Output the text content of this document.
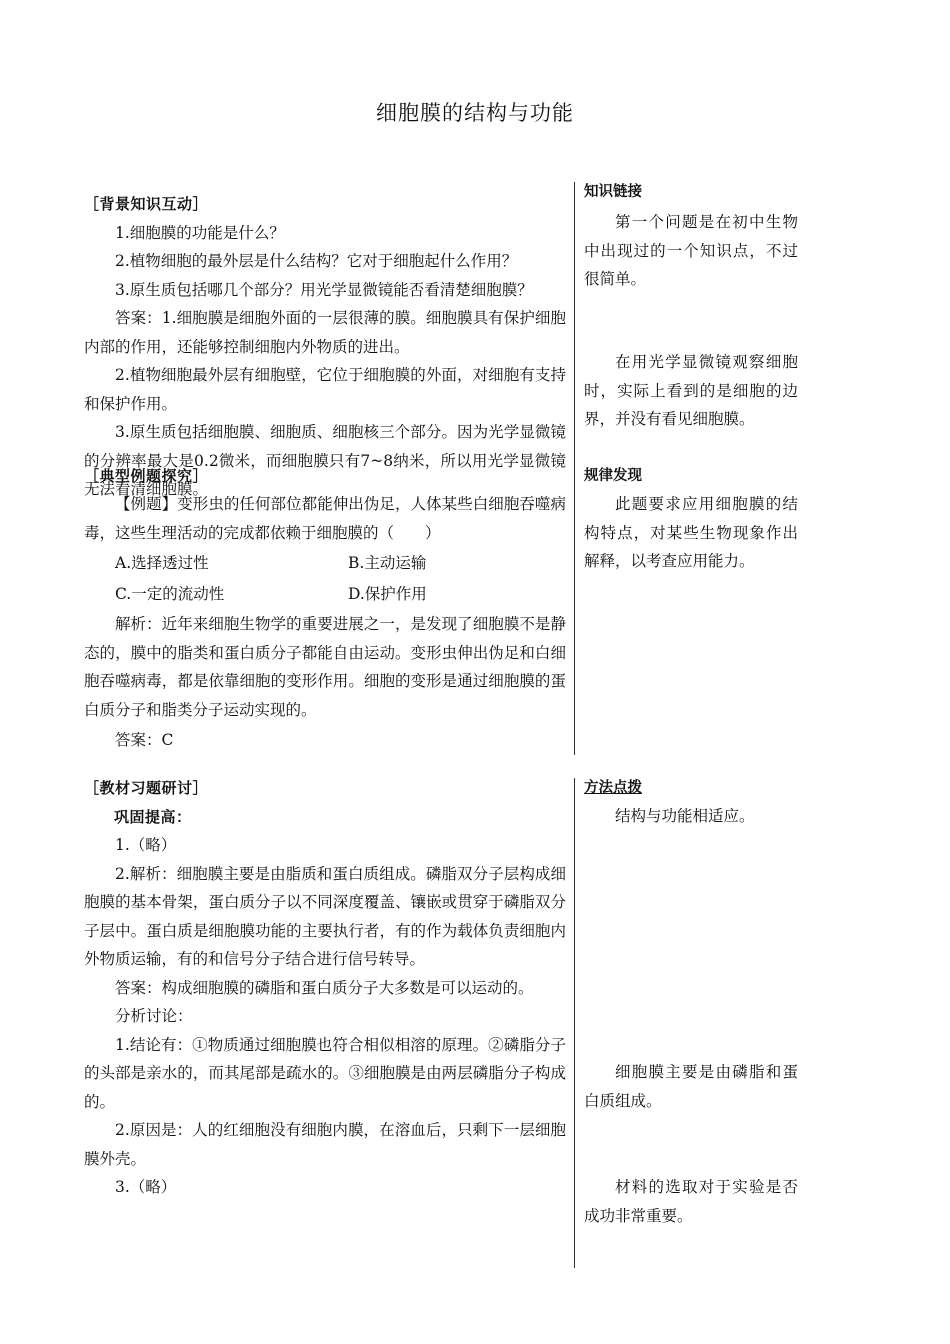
细胞膜的结构与功能

［背景知识互动］

1.细胞膜的功能是什么？

2.植物细胞的最外层是什么结构？它对于细胞起什么作用？

3.原生质包括哪几个部分？用光学显微镜能否看清楚细胞膜？

答案：1.细胞膜是细胞外面的一层很薄的膜。细胞膜具有保护细胞内部的作用，还能够控制细胞内外物质的进出。

2.植物细胞最外层有细胞壁，它位于细胞膜的外面，对细胞有支持和保护作用。

3.原生质包括细胞膜、细胞质、细胞核三个部分。因为光学显微镜的分辨率最大是0.2微米，而细胞膜只有7~8纳米，所以用光学显微镜无法看清细胞膜。

［典型例题探究］

【例题】变形虫的任何部位都能伸出伪足，人体某些白细胞吞噬病毒，这些生理活动的完成都依赖于细胞膜的（　　）

A.选择透过性	B.主动运输
C.一定的流动性	D.保护作用

解析：近年来细胞生物学的重要进展之一，是发现了细胞膜不是静态的，膜中的脂类和蛋白质分子都能自由运动。变形虫伸出伪足和白细胞吞噬病毒，都是依靠细胞的变形作用。细胞的变形是通过细胞膜的蛋白质分子和脂类分子运动实现的。

答案：C

［教材习题研讨］

巩固提高：

1.（略）

2.解析：细胞膜主要是由脂质和蛋白质组成。磷脂双分子层构成细胞膜的基本骨架，蛋白质分子以不同深度覆盖、镶嵌或贯穿于磷脂双分子层中。蛋白质是细胞膜功能的主要执行者，有的作为载体负责细胞内外物质运输，有的和信号分子结合进行信号转导。

答案：构成细胞膜的磷脂和蛋白质分子大多数是可以运动的。

分析讨论：

1.结论有：①物质通过细胞膜也符合相似相溶的原理。②磷脂分子的头部是亲水的，而其尾部是疏水的。③细胞膜是由两层磷脂分子构成的。

2.原因是：人的红细胞没有细胞内膜，在溶血后，只剩下一层细胞膜外壳。

3.（略）

知识链接

第一个问题是在初中生物中出现过的一个知识点，不过很简单。

在用光学显微镜观察细胞时，实际上看到的是细胞的边界，并没有看见细胞膜。

规律发现

此题要求应用细胞膜的结构特点，对某些生物现象作出解释，以考查应用能力。

方法点拨

结构与功能相适应。

细胞膜主要是由磷脂和蛋白质组成。

材料的选取对于实验是否成功非常重要。
